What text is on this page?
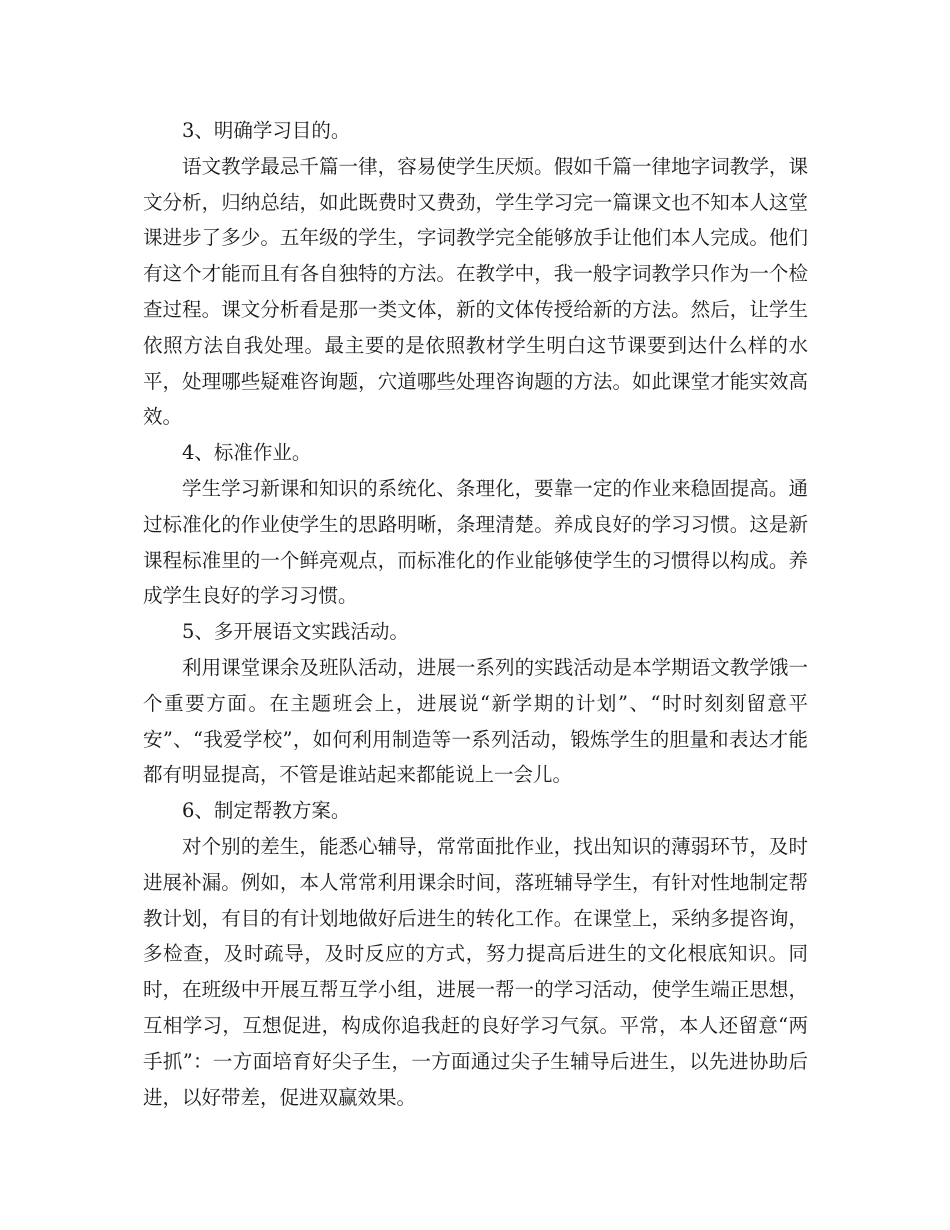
3、明确学习目的。

语文教学最忌千篇一律，容易使学生厌烦。假如千篇一律地字词教学，课文分析，归纳总结，如此既费时又费劲，学生学习完一篇课文也不知本人这堂课进步了多少。五年级的学生，字词教学完全能够放手让他们本人完成。他们有这个才能而且有各自独特的方法。在教学中，我一般字词教学只作为一个检查过程。课文分析看是那一类文体，新的文体传授给新的方法。然后，让学生依照方法自我处理。最主要的是依照教材学生明白这节课要到达什么样的水平，处理哪些疑难咨询题，穴道哪些处理咨询题的方法。如此课堂才能实效高效。

4、标准作业。

学生学习新课和知识的系统化、条理化，要靠一定的作业来稳固提高。通过标准化的作业使学生的思路明晰，条理清楚。养成良好的学习习惯。这是新课程标准里的一个鲜亮观点，而标准化的作业能够使学生的习惯得以构成。养成学生良好的学习习惯。

5、多开展语文实践活动。

利用课堂课余及班队活动，进展一系列的实践活动是本学期语文教学饿一个重要方面。在主题班会上，进展说“新学期的计划”、“时时刻刻留意平安”、“我爱学校”，如何利用制造等一系列活动，锻炼学生的胆量和表达才能都有明显提高，不管是谁站起来都能说上一会儿。

6、制定帮教方案。

对个别的差生，能悉心辅导，常常面批作业，找出知识的薄弱环节，及时进展补漏。例如，本人常常利用课余时间，落班辅导学生，有针对性地制定帮教计划，有目的有计划地做好后进生的转化工作。在课堂上，采纳多提咨询，多检查，及时疏导，及时反应的方式，努力提高后进生的文化根底知识。同时，在班级中开展互帮互学小组，进展一帮一的学习活动，使学生端正思想，互相学习，互想促进，构成你追我赶的良好学习气氛。平常，本人还留意“两手抓”：一方面培育好尖子生，一方面通过尖子生辅导后进生，以先进协助后进，以好带差，促进双赢效果。
